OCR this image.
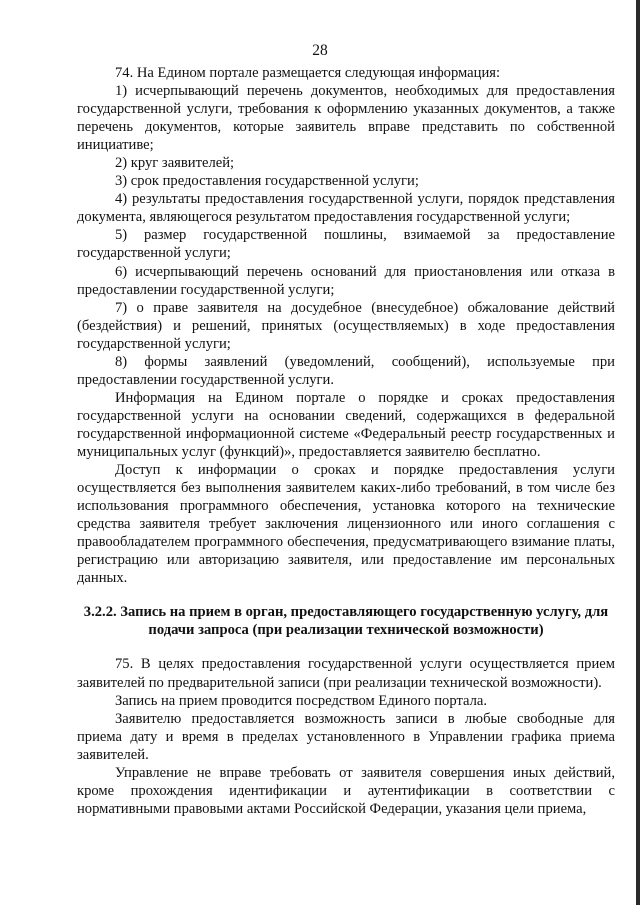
28

74. На Едином портале размещается следующая информация:

1) исчерпывающий перечень документов, необходимых для предоставления государственной услуги, требования к оформлению указанных документов, а также перечень документов, которые заявитель вправе представить по собственной инициативе;

2) круг заявителей;

3) срок предоставления государственной услуги;

4) результаты предоставления государственной услуги, порядок представления документа, являющегося результатом предоставления государственной услуги;

5) размер государственной пошлины, взимаемой за предоставление государственной услуги;

6) исчерпывающий перечень оснований для приостановления или отказа в предоставлении государственной услуги;

7) о праве заявителя на досудебное (внесудебное) обжалование действий (бездействия) и решений, принятых (осуществляемых) в ходе предоставления государственной услуги;

8) формы заявлений (уведомлений, сообщений), используемые при предоставлении государственной услуги.

Информация на Едином портале о порядке и сроках предоставления государственной услуги на основании сведений, содержащихся в федеральной государственной информационной системе «Федеральный реестр государственных и муниципальных услуг (функций)», предоставляется заявителю бесплатно.

Доступ к информации о сроках и порядке предоставления услуги осуществляется без выполнения заявителем каких-либо требований, в том числе без использования программного обеспечения, установка которого на технические средства заявителя требует заключения лицензионного или иного соглашения с правообладателем программного обеспечения, предусматривающего взимание платы, регистрацию или авторизацию заявителя, или предоставление им персональных данных.

3.2.2. Запись на прием в орган, предоставляющего государственную услугу, для подачи запроса (при реализации технической возможности)

75. В целях предоставления государственной услуги осуществляется прием заявителей по предварительной записи (при реализации технической возможности).

Запись на прием проводится посредством Единого портала.

Заявителю предоставляется возможность записи в любые свободные для приема дату и время в пределах установленного в Управлении графика приема заявителей.

Управление не вправе требовать от заявителя совершения иных действий, кроме прохождения идентификации и аутентификации в соответствии с нормативными правовыми актами Российской Федерации, указания цели приема,
